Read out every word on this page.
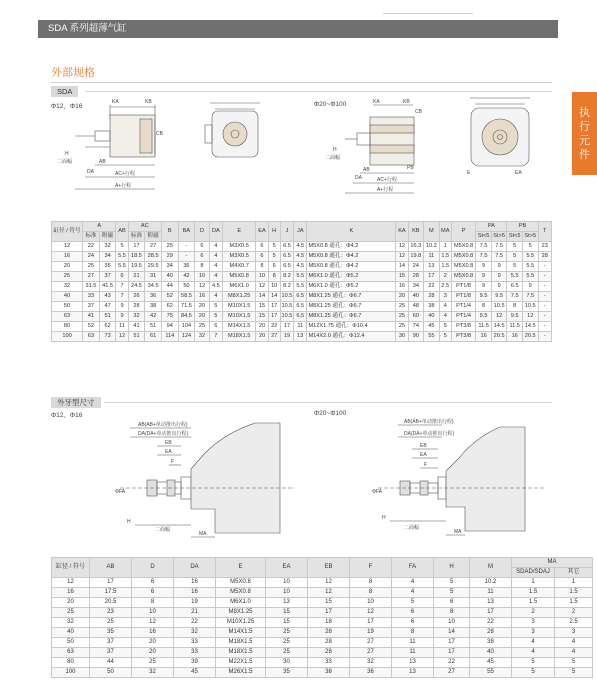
SDA 系列超薄气缸
执
行
元
件
外部规格
SDA
Φ12、Φ16	Φ20~Φ100
KA	KB
CB
AB
AC+行程
A+行程
DA
H
二面幅
KA	KB
CB
AB
AC+行程
A+行程
DA
H
二面幅
PB
E	EA
缸径 / 符号	A		AB	AC		B	BA	D	DA	E	EA	H	J	JA	K	KA	KB	M	MA	P	PA		PB		T
	标准	附磁		标准	附磁																St<5	St>5	St<5	St>5	
12	22	32	5	17	27	25	-	6	4	M3X0.5	6	5	6.5	4.5	M5X0.8 通孔：Φ4.2	12	16.3	10.2	1	M5X0.8	7.5	7.5	5	5	23
16	24	34	5.5	18.5	28.5	29	-	6	4	M3X0.5	6	5	6.5	4.5	M5X0.8 通孔：Φ4.2	12	19.8	11	1.5	M5X0.8	7.5	7.5	5	5.5	28
20	25	35	5.5	19.5	29.5	34	36	8	4	M4X0.7	8	6	6.5	4.5	M5X0.8 通孔：Φ4.2	14	24	13	1.5	M5X0.8	9	9	5	5.5	-
25	27	37	6	21	31	40	42	10	4	M5X0.8	10	8	8.2	5.5	M6X1.0 通孔：Φ5.2	15	28	17	2	M5X0.8	9	9	5.5	5.5	-
32	31.5	41.5	7	24.5	34.5	44	50	12	4.5	M6X1.0	12	10	8.2	5.5	M6X1.0 通孔：Φ5.2	16	34	22	2.5	PT1/8	9	9	6.5	9	-
40	33	43	7	26	36	52	58.5	16	4	M8X1.25	14	14	10.5	6.5	M8X1.25 通孔：Φ6.7	20	40	28	3	PT1/8	9.5	9.5	7.5	7.5	-
50	37	47	9	28	38	62	71.5	20	5	M10X1.5	15	17	10.5	6.5	M8X1.25 通孔：Φ6.7	25	48	38	4	PT1/4	8	10.5	8	10.5	-
63	41	51	9	32	42	75	84.5	20	5	M10X1.5	15	17	10.5	6.5	M8X1.25 通孔：Φ6.7	25	60	40	4	PT1/4	9.5	12	9.5	12	-
80	52	62	11	41	51	94	104	25	6	M14X1.5	20	22	17	11	M12X1.75 通孔：Φ10.4	25	74	45	5	PT3/8	11.5	14.5	11.5	14.5	-
100	63	73	12	51	61	114	124	32	7	M18X1.5	20	27	19	13	M14X2.0 通孔：Φ12.4	30	90	55	5	PT3/8	16	20.5	16	20.5	-
外牙型尺寸
Φ12、Φ16	Φ20~Φ100
AB(AB+单动推出行程)
DA(DA+单动推出行程)
EB
EA
F
ΦFA
MA
H
二面幅
AB(AB+单动推出行程)
DA(DA+单动推出行程)
EB
EA
F
ΦFA
MA
H
二面幅
缸径 / 符号	AB	D	DA	E	EA	EB	F	FA	H	M	MA	
											SDAD/SDAJ	其它
12	17	6	16	M5X0.8	10	12	8	4	5	10.2	1	1
16	17.5	6	16	M5X0.8	10	12	8	4	5	11	1.5	1.5
20	20.5	8	19	M6X1.0	13	15	10	5	6	13	1.5	1.5
25	23	10	21	M8X1.25	15	17	12	6	8	17	2	2
32	25	12	22	M10X1.25	15	18	17	6	10	22	3	2.5
40	35	16	32	M14X1.5	25	28	19	8	14	28	3	3
50	37	20	33	M18X1.5	25	28	27	11	17	38	4	4
63	37	20	33	M18X1.5	25	28	27	11	17	40	4	4
80	44	25	39	M22X1.5	30	33	32	13	22	45	5	5
100	50	32	45	M26X1.5	35	38	36	13	27	55	5	5
